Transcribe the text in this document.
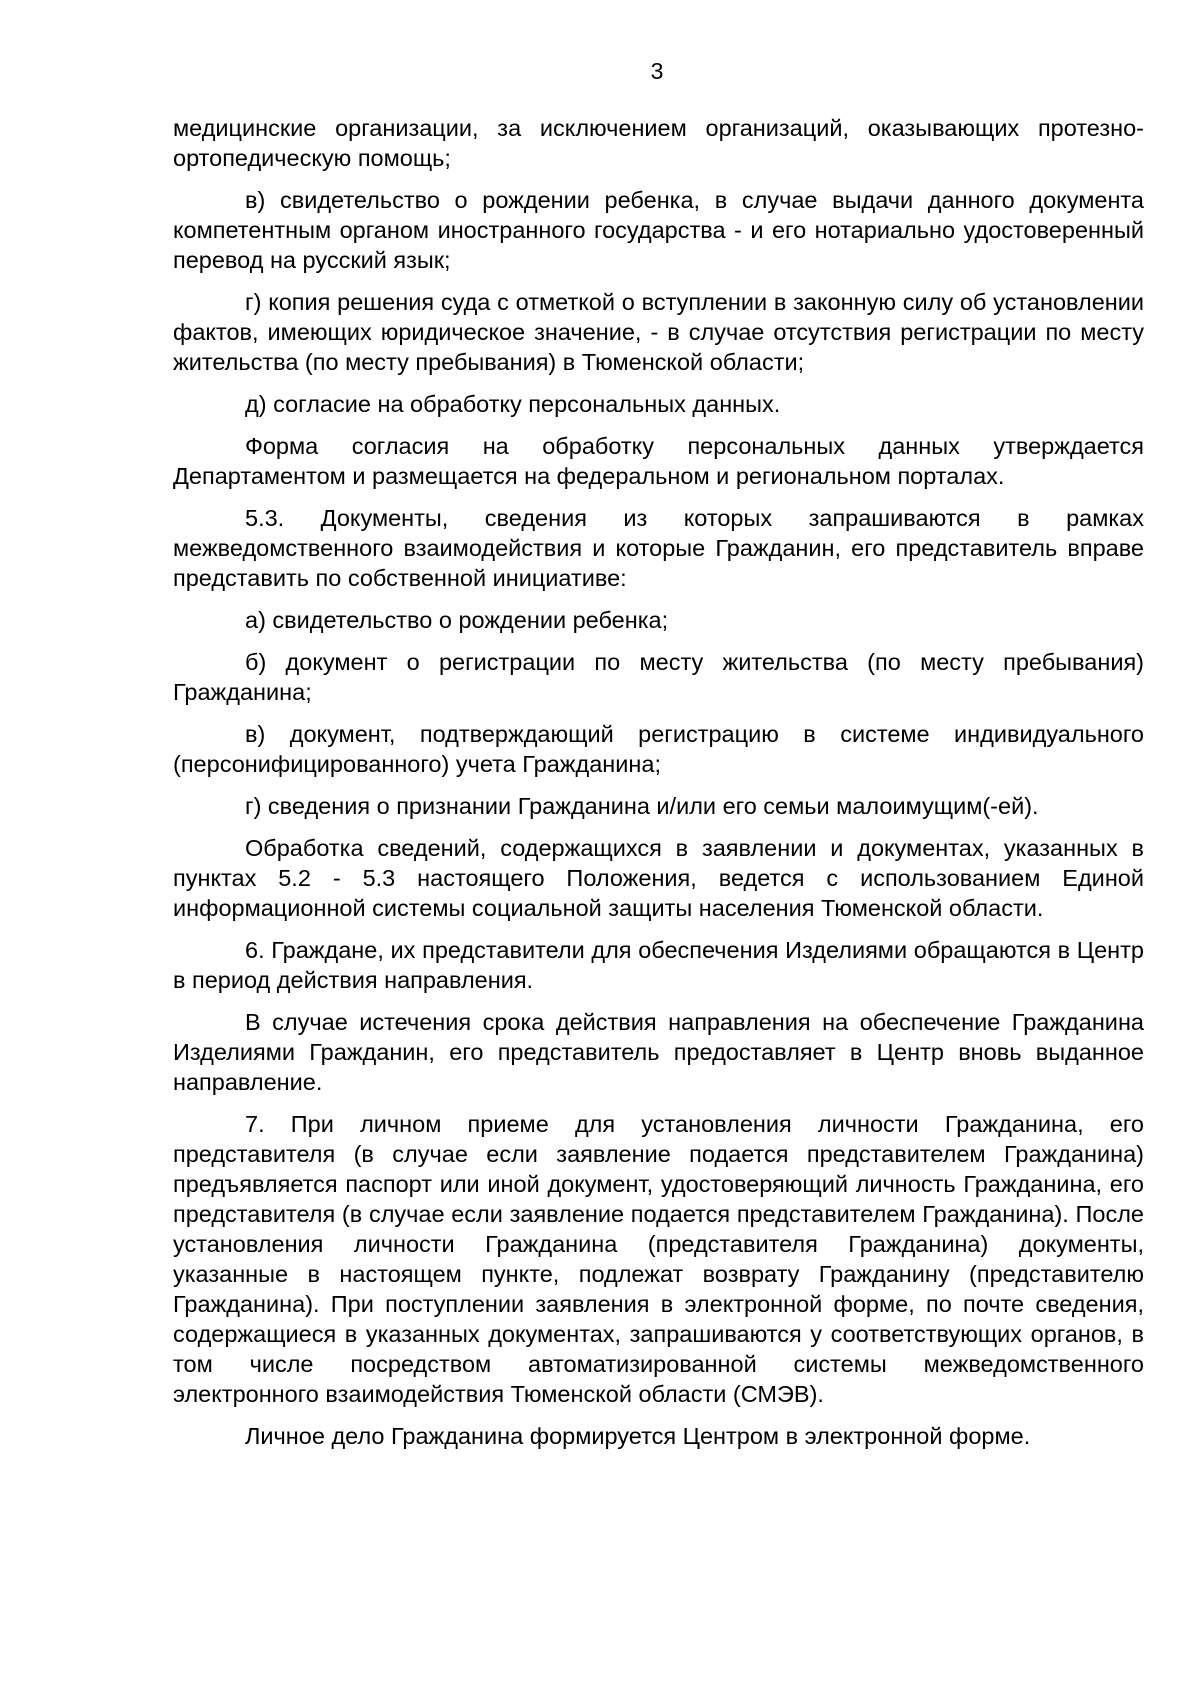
3

медицинские организации, за исключением организаций, оказывающих протезно-ортопедическую помощь;

в) свидетельство о рождении ребенка, в случае выдачи данного документа компетентным органом иностранного государства - и его нотариально удостоверенный перевод на русский язык;

г) копия решения суда с отметкой о вступлении в законную силу об установлении фактов, имеющих юридическое значение, - в случае отсутствия регистрации по месту жительства (по месту пребывания) в Тюменской области;

д) согласие на обработку персональных данных.

Форма согласия на обработку персональных данных утверждается Департаментом и размещается на федеральном и региональном порталах.

5.3. Документы, сведения из которых запрашиваются в рамках межведомственного взаимодействия и которые Гражданин, его представитель вправе представить по собственной инициативе:

а) свидетельство о рождении ребенка;

б) документ о регистрации по месту жительства (по месту пребывания) Гражданина;

в) документ, подтверждающий регистрацию в системе индивидуального (персонифицированного) учета Гражданина;

г) сведения о признании Гражданина и/или его семьи малоимущим(-ей).

Обработка сведений, содержащихся в заявлении и документах, указанных в пунктах 5.2 - 5.3 настоящего Положения, ведется с использованием Единой информационной системы социальной защиты населения Тюменской области.

6. Граждане, их представители для обеспечения Изделиями обращаются в Центр в период действия направления.

В случае истечения срока действия направления на обеспечение Гражданина Изделиями Гражданин, его представитель предоставляет в Центр вновь выданное направление.

7. При личном приеме для установления личности Гражданина, его представителя (в случае если заявление подается представителем Гражданина) предъявляется паспорт или иной документ, удостоверяющий личность Гражданина, его представителя (в случае если заявление подается представителем Гражданина). После установления личности Гражданина (представителя Гражданина) документы, указанные в настоящем пункте, подлежат возврату Гражданину (представителю Гражданина). При поступлении заявления в электронной форме, по почте сведения, содержащиеся в указанных документах, запрашиваются у соответствующих органов, в том числе посредством автоматизированной системы межведомственного электронного взаимодействия Тюменской области (СМЭВ).

Личное дело Гражданина формируется Центром в электронной форме.
